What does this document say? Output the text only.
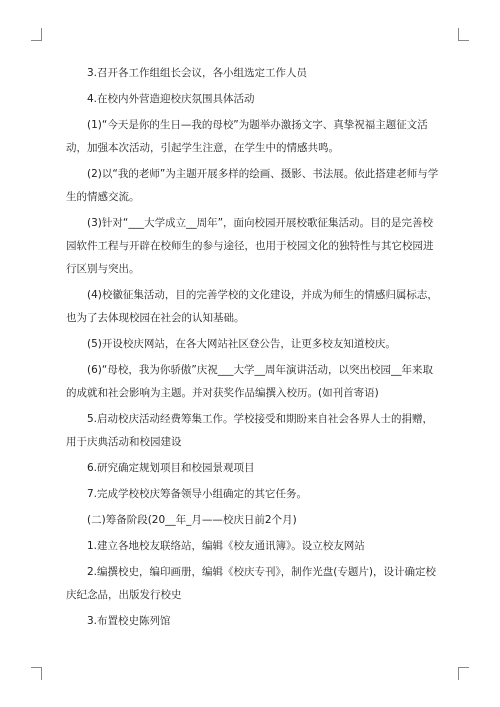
3.召开各工作组组长会议，各小组选定工作人员

4.在校内外营造迎校庆氛围具体活动

(1)“今天是你的生日—我的母校”为题举办激扬文字、真挚祝福主题征文活动，加强本次活动，引起学生注意，在学生中的情感共鸣。

(2)以“我的老师”为主题开展多样的绘画、摄影、书法展。依此搭建老师与学生的情感交流。

(3)针对“___大学成立__周年”，面向校园开展校歌征集活动。目的是完善校园软件工程与开辟在校师生的参与途径，也用于校园文化的独特性与其它校园进行区别与突出。

(4)校徽征集活动，目的完善学校的文化建设，并成为师生的情感归属标志，也为了去体现校园在社会的认知基础。

(5)开设校庆网站，在各大网站社区登公告，让更多校友知道校庆。

(6)“母校，我为你骄傲”庆祝___大学__周年演讲活动，以突出校园__年来取的成就和社会影响为主题。并对获奖作品编撰入校历。(如刊首寄语)

5.启动校庆活动经费筹集工作。学校接受和期盼来自社会各界人士的捐赠，用于庆典活动和校园建设

6.研究确定规划项目和校园景观项目

7.完成学校校庆筹备领导小组确定的其它任务。

(二)筹备阶段(20__年_月——校庆日前2个月)

1.建立各地校友联络站，编辑《校友通讯簿》。设立校友网站

2.编撰校史，编印画册，编辑《校庆专刊》，制作光盘(专题片)，设计确定校庆纪念品，出版发行校史

3.布置校史陈列馆
